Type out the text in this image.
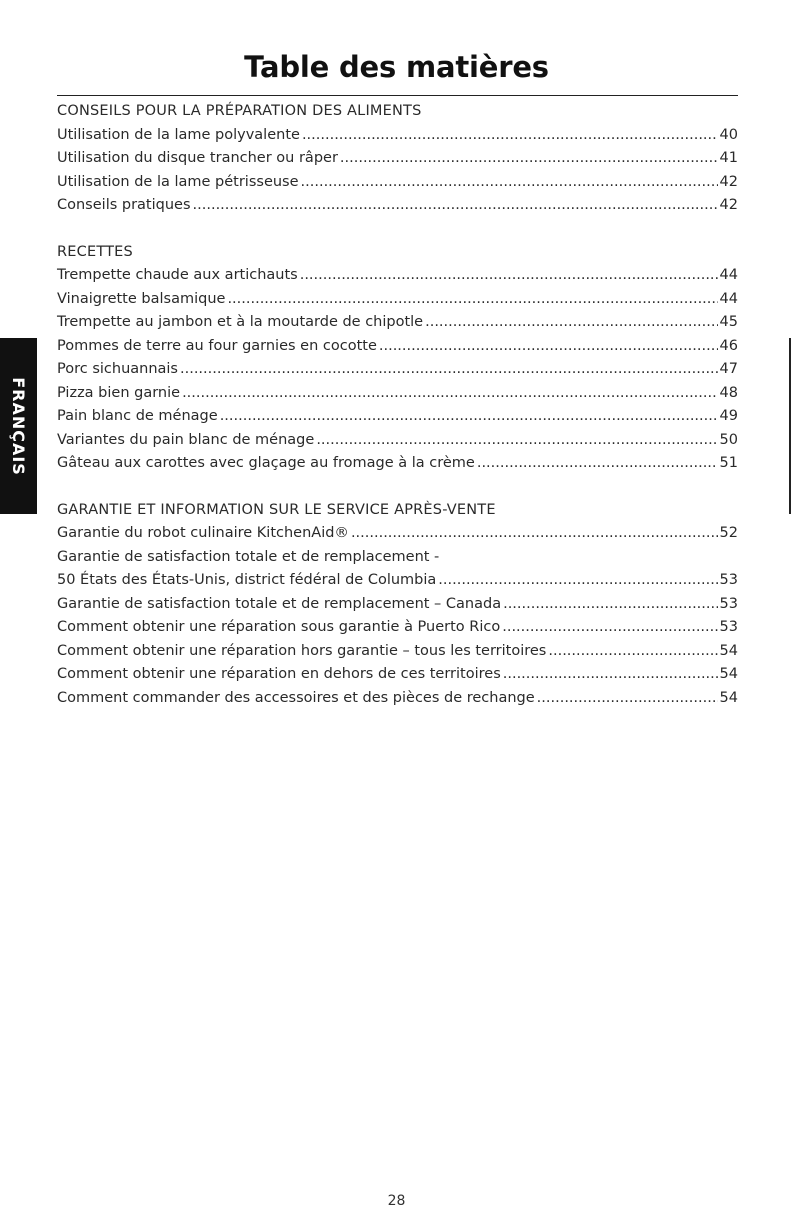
Table des matières
CONSEILS POUR LA PRÉPARATION DES ALIMENTS
Utilisation de la lame polyvalente .....	40
Utilisation du disque trancher ou râper .....	41
Utilisation de la lame pétrisseuse .....	42
Conseils pratiques .....	42
RECETTES
Trempette chaude aux artichauts .....	44
Vinaigrette balsamique .....	44
Trempette au jambon et à la moutarde de chipotle .....	45
Pommes de terre au four garnies en cocotte .....	46
Porc sichuannais .....	47
Pizza bien garnie .....	48
Pain blanc de ménage .....	49
Variantes du pain blanc de ménage .....	50
Gâteau aux carottes avec glaçage au fromage à la crème .....	51
GARANTIE ET INFORMATION SUR LE SERVICE APRÈS-VENTE
Garantie du robot culinaire KitchenAid® .....	52
Garantie de satisfaction totale et de remplacement -
50 États des États-Unis, district fédéral de Columbia .....	53
Garantie de satisfaction totale et de remplacement – Canada .....	53
Comment obtenir une réparation sous garantie à Puerto Rico .....	53
Comment obtenir une réparation hors garantie – tous les territoires .....	54
Comment obtenir une réparation en dehors de ces territoires .....	54
Comment commander des accessoires et des pièces de rechange .....	54
FRANÇAIS
28
